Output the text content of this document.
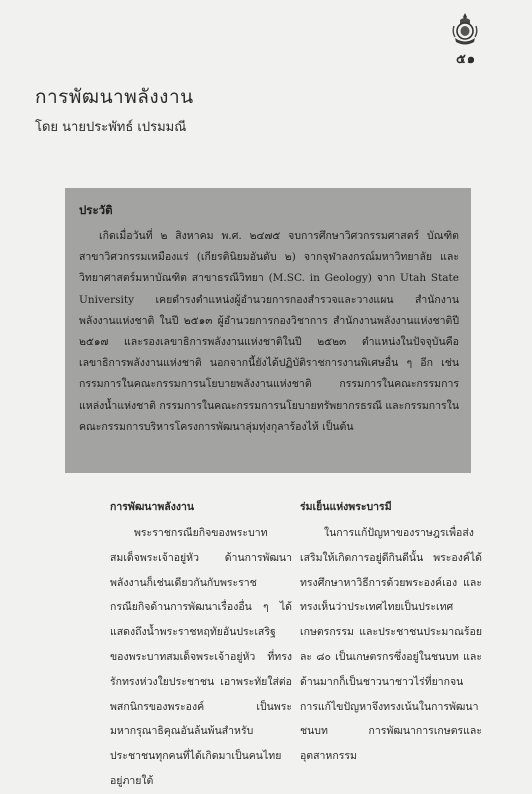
๕๑
การพัฒนาพลังงาน
โดย นายประพัทธ์ เปรมมณี
ประวัติ

เกิดเมื่อวันที่ ๒ สิงหาคม พ.ศ. ๒๔๗๕ จบการศึกษาวิศวกรรมศาสตร์ บัณฑิต สาขาวิศวกรรมเหมืองแร่ (เกียรตินิยมอันดับ ๒) จากจุฬาลงกรณ์มหาวิทยาลัย และวิทยาศาสตร์มหาบัณฑิต สาขาธรณีวิทยา (M.SC. in Geology) จาก Utah State University เคยดำรงตำแหน่งผู้อำนวยการกองสำรวจและวางแผน สำนักงานพลังงานแห่งชาติ ในปี ๒๕๑๓ ผู้อำนวยการกองวิชาการ สำนักงานพลังงานแห่งชาติปี ๒๕๑๗ และรองเลขาธิการพลังงานแห่งชาติในปี ๒๕๒๓ ตำแหน่งในปัจจุบันคือ เลขาธิการพลังงานแห่งชาติ นอกจากนี้ยังได้ปฏิบัติราชการงานพิเศษอื่น ๆ อีก เช่น กรรมการในคณะกรรมการนโยบายพลังงานแห่งชาติ กรรมการในคณะกรรมการแหล่งน้ำแห่งชาติ กรรมการในคณะกรรมการนโยบายทรัพยากรธรณี และกรรมการในคณะกรรมการบริหารโครงการพัฒนาลุ่มทุ่งกุลาร้องไห้ เป็นต้น

การพัฒนาพลังงาน

พระราชกรณียกิจของพระบาทสมเด็จพระเจ้าอยู่หัว ด้านการพัฒนาพลังงานก็เช่นเดียวกันกับพระราชกรณียกิจด้านการพัฒนาเรื่องอื่น ๆ ได้แสดงถึงน้ำพระราชหฤทัยอันประเสริฐของพระบาทสมเด็จพระเจ้าอยู่หัว ที่ทรงรักทรงห่วงใยประชาชน เอาพระทัยใส่ต่อพสกนิกรของพระองค์ เป็นพระมหากรุณาธิคุณอันล้นพ้นสำหรับประชาชนทุกคนที่ได้เกิดมาเป็นคนไทย อยู่ภายใต้

ร่มเย็นแห่งพระบารมี

ในการแก้ปัญหาของราษฎรเพื่อส่งเสริมให้เกิดการอยู่ดีกินดีนั้น พระองค์ได้ทรงศึกษาหาวิธีการด้วยพระองค์เอง และทรงเห็นว่าประเทศไทยเป็นประเทศเกษตรกรรม และประชาชนประมาณร้อยละ ๘๐ เป็นเกษตรกรซึ่งอยู่ในชนบท และด้านมากก็เป็นชาวนาชาวไร่ที่ยากจน การแก้ไขปัญหาจึงทรงเน้นในการพัฒนาชนบท การพัฒนาการเกษตรและอุตสาหกรรม
